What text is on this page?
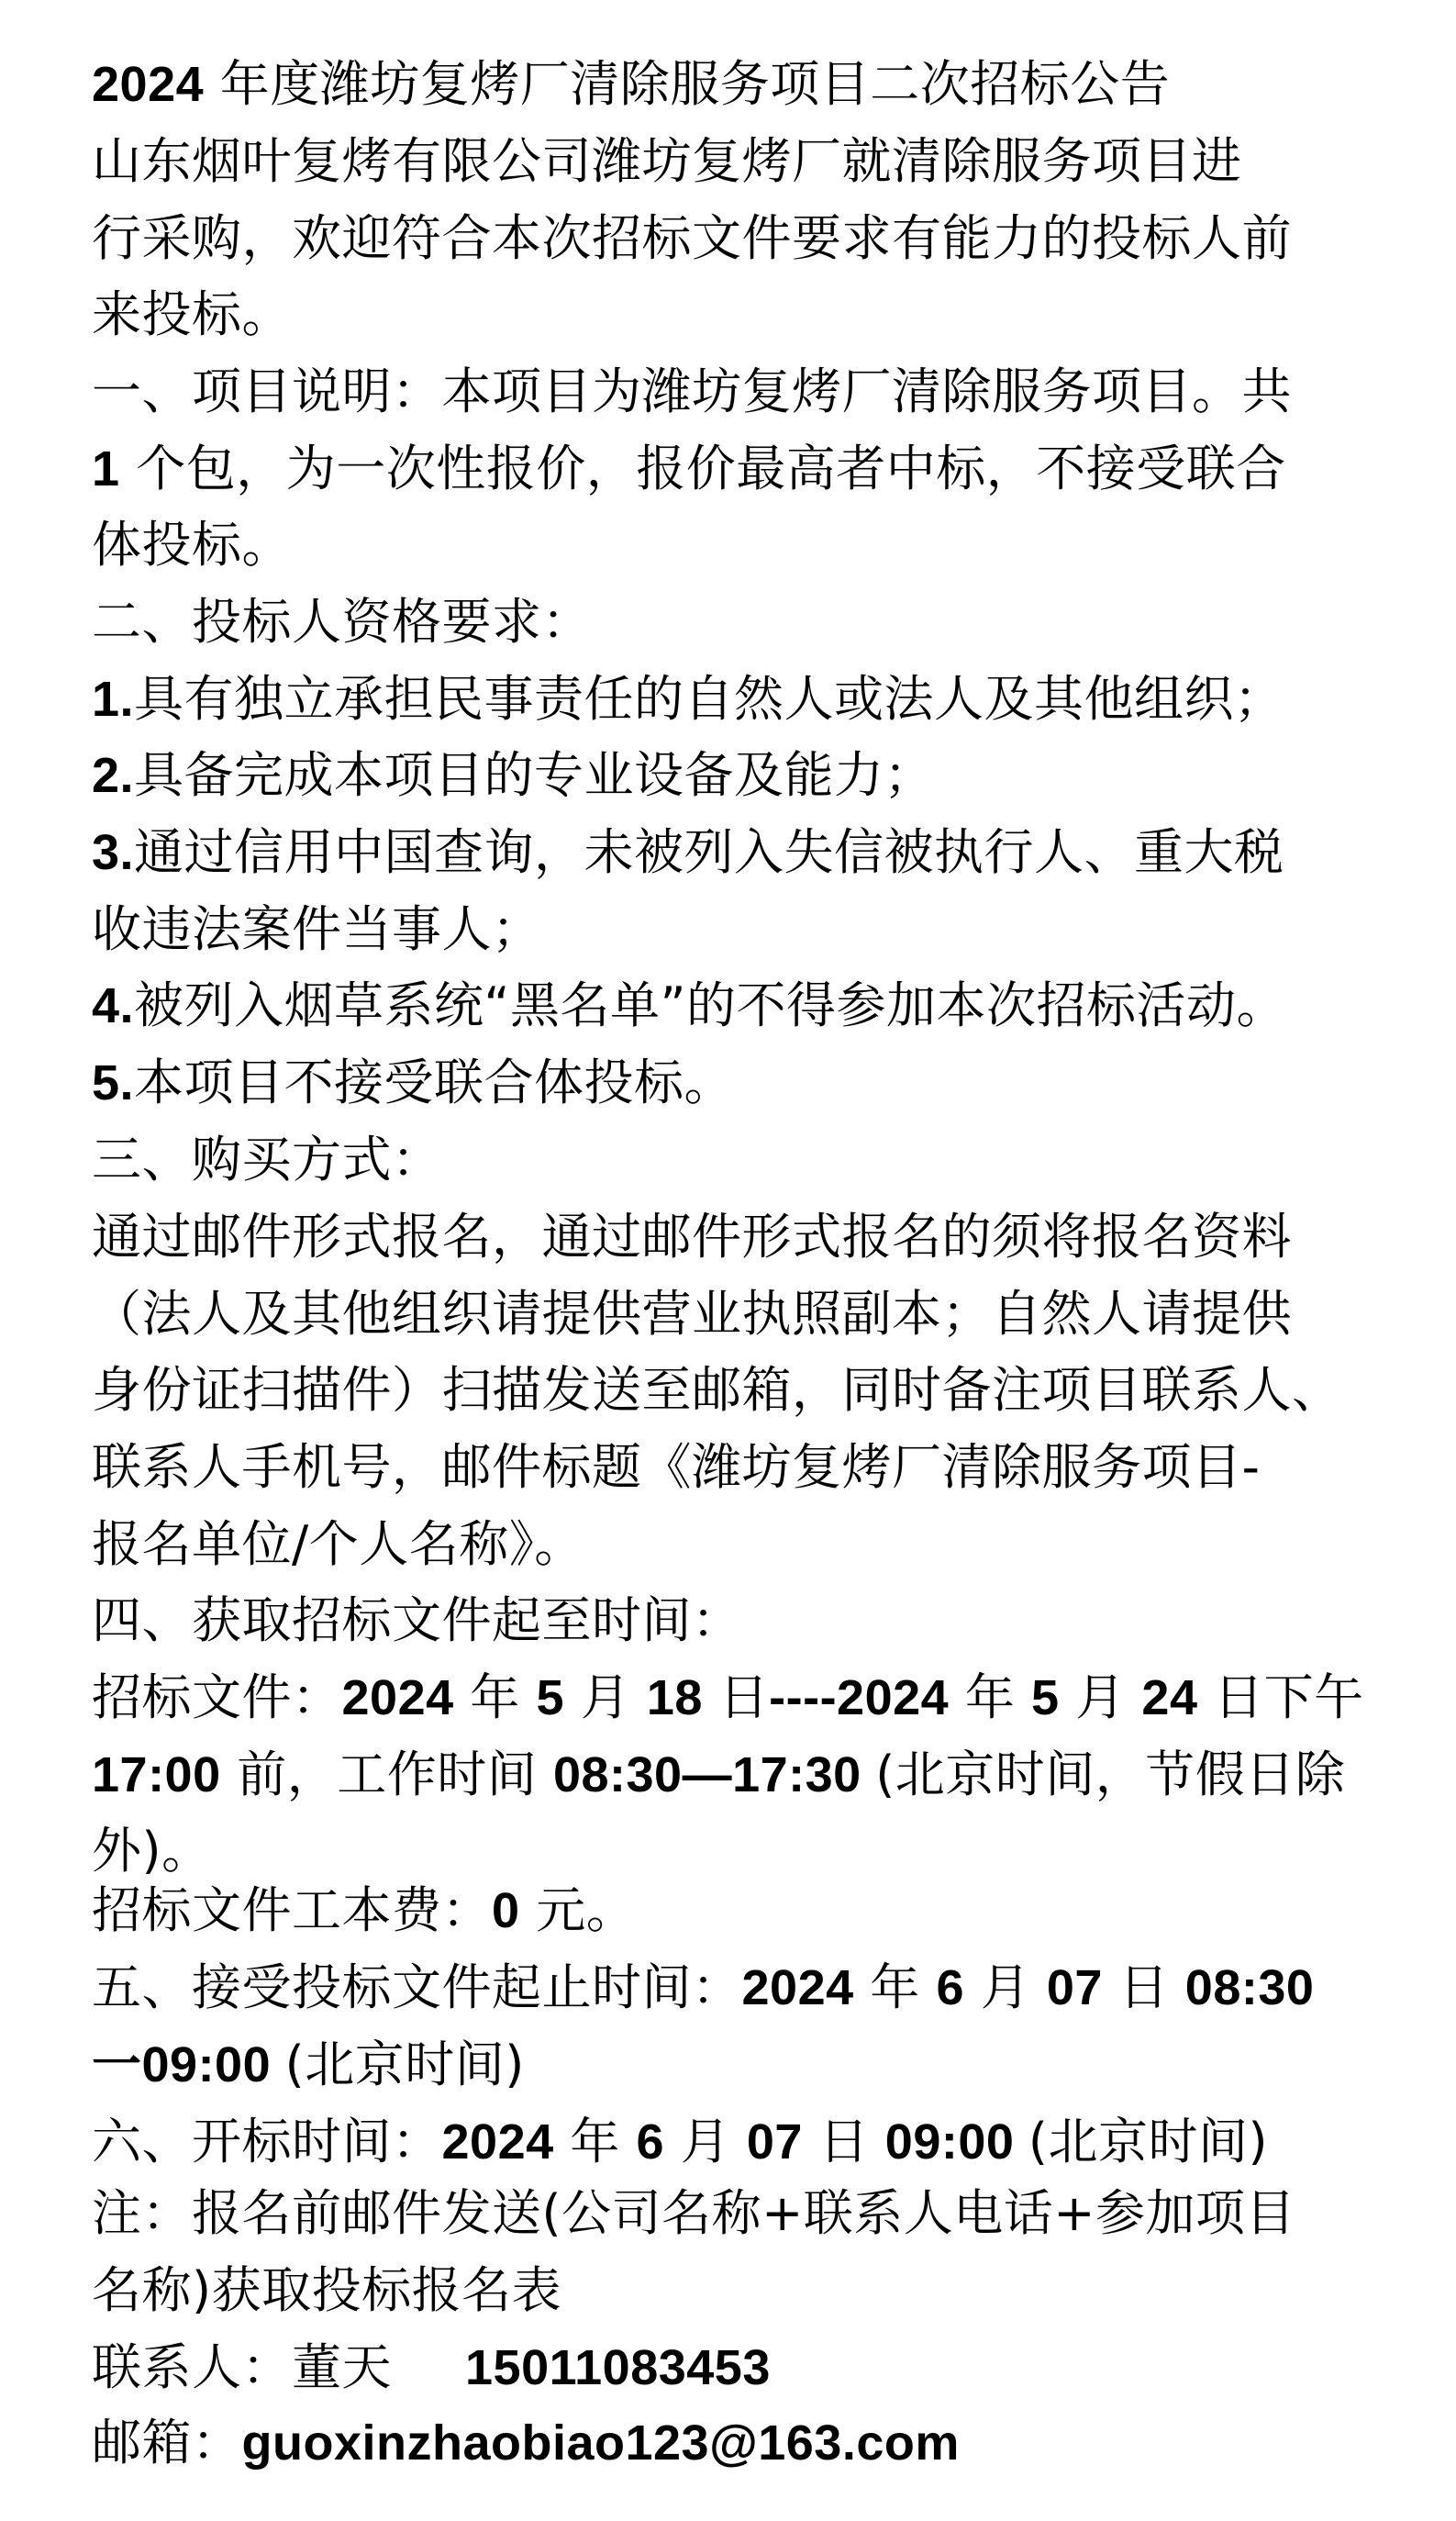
2024 年度潍坊复烤厂清除服务项目二次招标公告
山东烟叶复烤有限公司潍坊复烤厂就清除服务项目进
行采购，欢迎符合本次招标文件要求有能力的投标人前
来投标。
一、项目说明：本项目为潍坊复烤厂清除服务项目。共
1 个包，为一次性报价，报价最高者中标，不接受联合
体投标。
二、投标人资格要求：
1.具有独立承担民事责任的自然人或法人及其他组织；
2.具备完成本项目的专业设备及能力；
3.通过信用中国查询，未被列入失信被执行人、重大税
收违法案件当事人；
4.被列入烟草系统“黑名单”的不得参加本次招标活动。
5.本项目不接受联合体投标。
三、购买方式：
通过邮件形式报名，通过邮件形式报名的须将报名资料
（法人及其他组织请提供营业执照副本；自然人请提供
身份证扫描件）扫描发送至邮箱，同时备注项目联系人、
联系人手机号，邮件标题《潍坊复烤厂清除服务项目-
报名单位/个人名称》。
四、获取招标文件起至时间：
招标文件：2024 年 5 月 18 日----2024 年 5 月 24 日下午
17:00 前，工作时间 08:30—17:30 (北京时间，节假日除
外)。
招标文件工本费：0 元。
五、接受投标文件起止时间：2024 年 6 月 07 日 08:30
一09:00 (北京时间)
六、开标时间：2024 年 6 月 07 日 09:00 (北京时间)
注：报名前邮件发送(公司名称+联系人电话+参加项目
名称)获取投标报名表
联系人：董天 15011083453
邮箱：guoxinzhaobiao123@163.com
